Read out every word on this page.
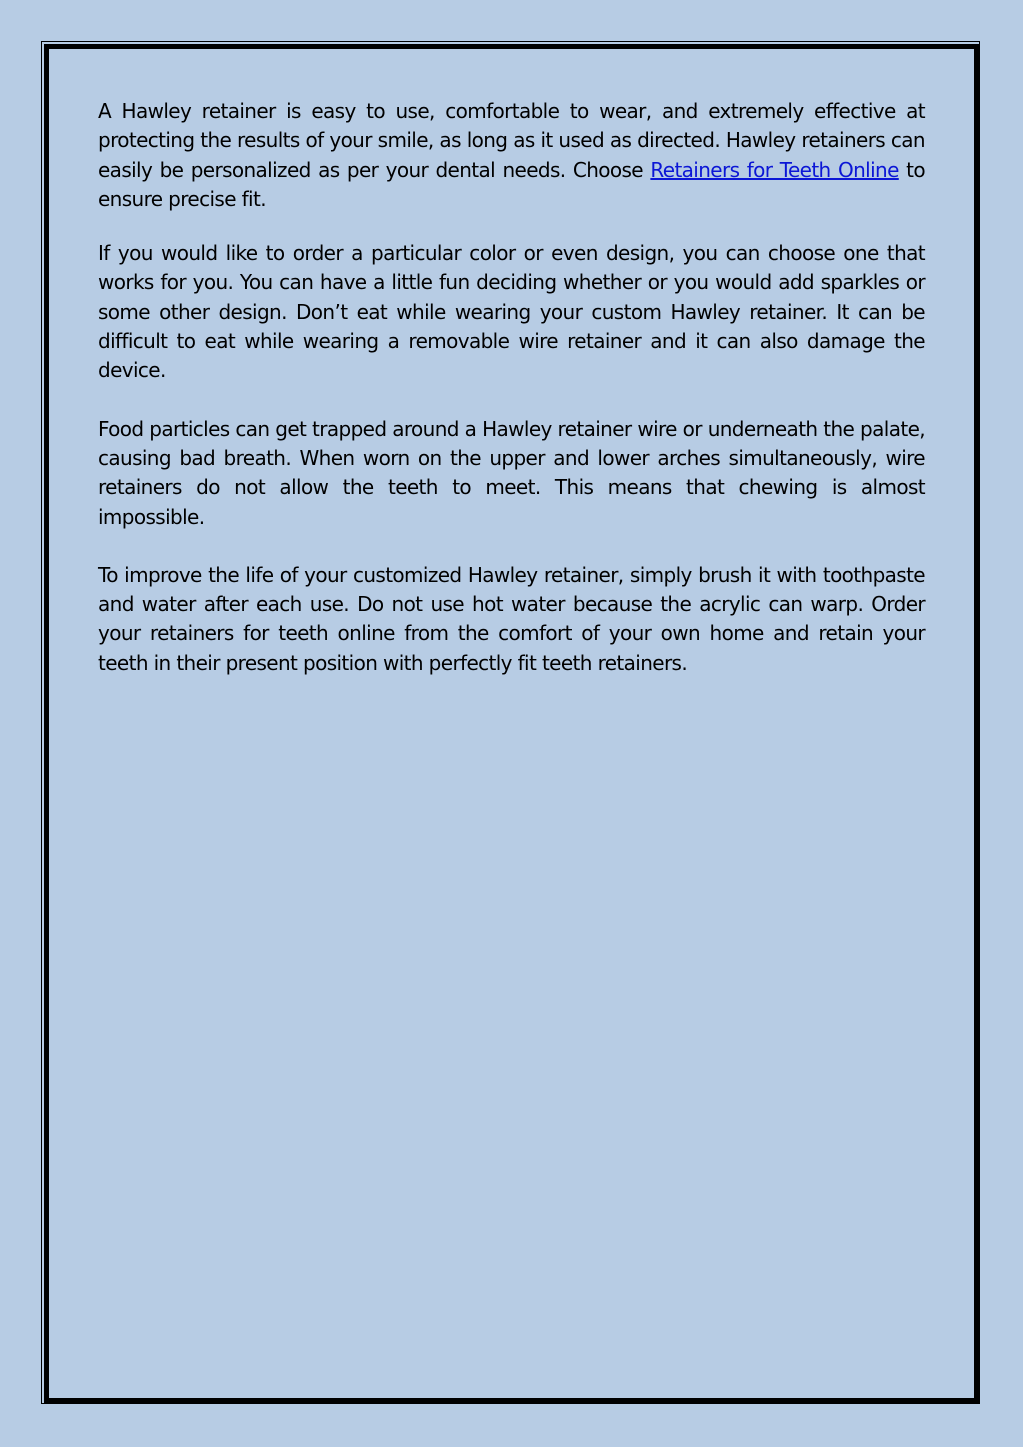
A Hawley retainer is easy to use, comfortable to wear, and extremely effective at protecting the results of your smile, as long as it used as directed. Hawley retainers can easily be personalized as per your dental needs. Choose Retainers for Teeth Online to ensure precise fit.

If you would like to order a particular color or even design, you can choose one that works for you. You can have a little fun deciding whether or you would add sparkles or some other design. Don’t eat while wearing your custom Hawley retainer. It can be difficult to eat while wearing a removable wire retainer and it can also damage the device.

Food particles can get trapped around a Hawley retainer wire or underneath the palate, causing bad breath. When worn on the upper and lower arches simultaneously, wire retainers do not allow the teeth to meet. This means that chewing is almost impossible.

To improve the life of your customized Hawley retainer, simply brush it with toothpaste and water after each use. Do not use hot water because the acrylic can warp. Order your retainers for teeth online from the comfort of your own home and retain your teeth in their present position with perfectly fit teeth retainers.
